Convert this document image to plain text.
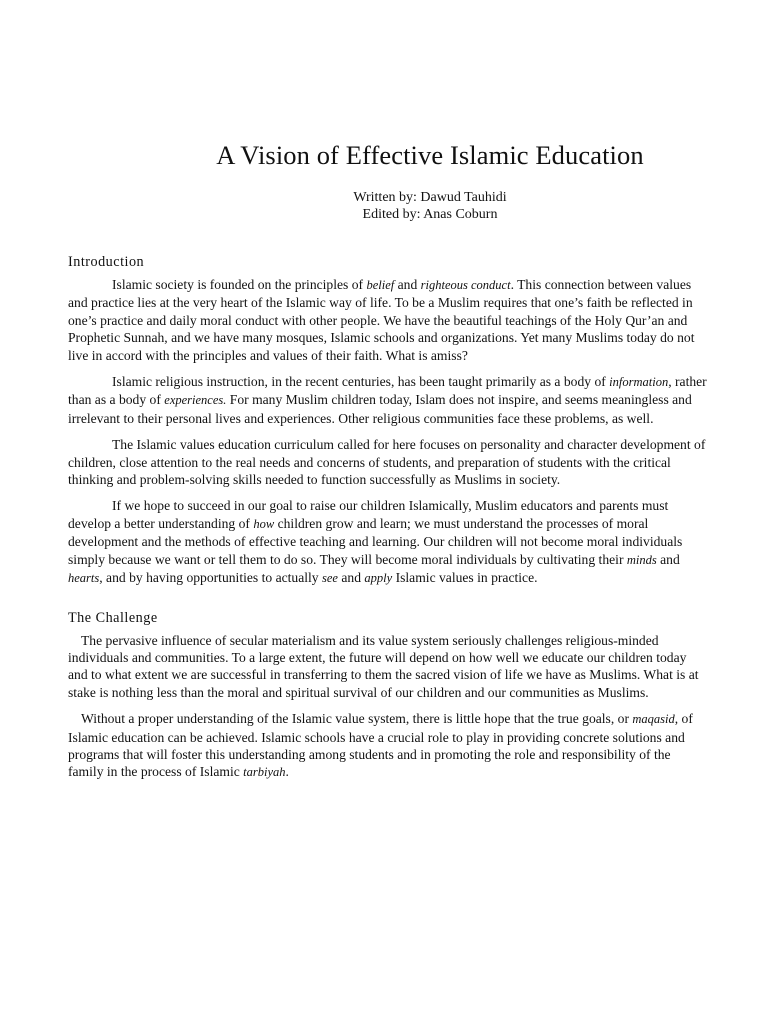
A Vision of Effective Islamic Education
Written by: Dawud Tauhidi
Edited by: Anas Coburn
Introduction

Islamic society is founded on the principles of belief and righteous conduct. This connection between values and practice lies at the very heart of the Islamic way of life. To be a Muslim requires that one’s faith be reflected in one’s practice and daily moral conduct with other people. We have the beautiful teachings of the Holy Qur’an and Prophetic Sunnah, and we have many mosques, Islamic schools and organizations. Yet many Muslims today do not live in accord with the principles and values of their faith. What is amiss?

Islamic religious instruction, in the recent centuries, has been taught primarily as a body of information, rather than as a body of experiences. For many Muslim children today, Islam does not inspire, and seems meaningless and irrelevant to their personal lives and experiences. Other religious communities face these problems, as well.

The Islamic values education curriculum called for here focuses on personality and character development of children, close attention to the real needs and concerns of students, and preparation of students with the critical thinking and problem-solving skills needed to function successfully as Muslims in society.

If we hope to succeed in our goal to raise our children Islamically, Muslim educators and parents must develop a better understanding of how children grow and learn; we must understand the processes of moral development and the methods of effective teaching and learning. Our children will not become moral individuals simply because we want or tell them to do so. They will become moral individuals by cultivating their minds and hearts, and by having opportunities to actually see and apply Islamic values in practice.

The Challenge

The pervasive influence of secular materialism and its value system seriously challenges religious-minded individuals and communities. To a large extent, the future will depend on how well we educate our children today and to what extent we are successful in transferring to them the sacred vision of life we have as Muslims. What is at stake is nothing less than the moral and spiritual survival of our children and our communities as Muslims.

Without a proper understanding of the Islamic value system, there is little hope that the true goals, or maqasid, of Islamic education can be achieved. Islamic schools have a crucial role to play in providing concrete solutions and programs that will foster this understanding among students and in promoting the role and responsibility of the family in the process of Islamic tarbiyah.
